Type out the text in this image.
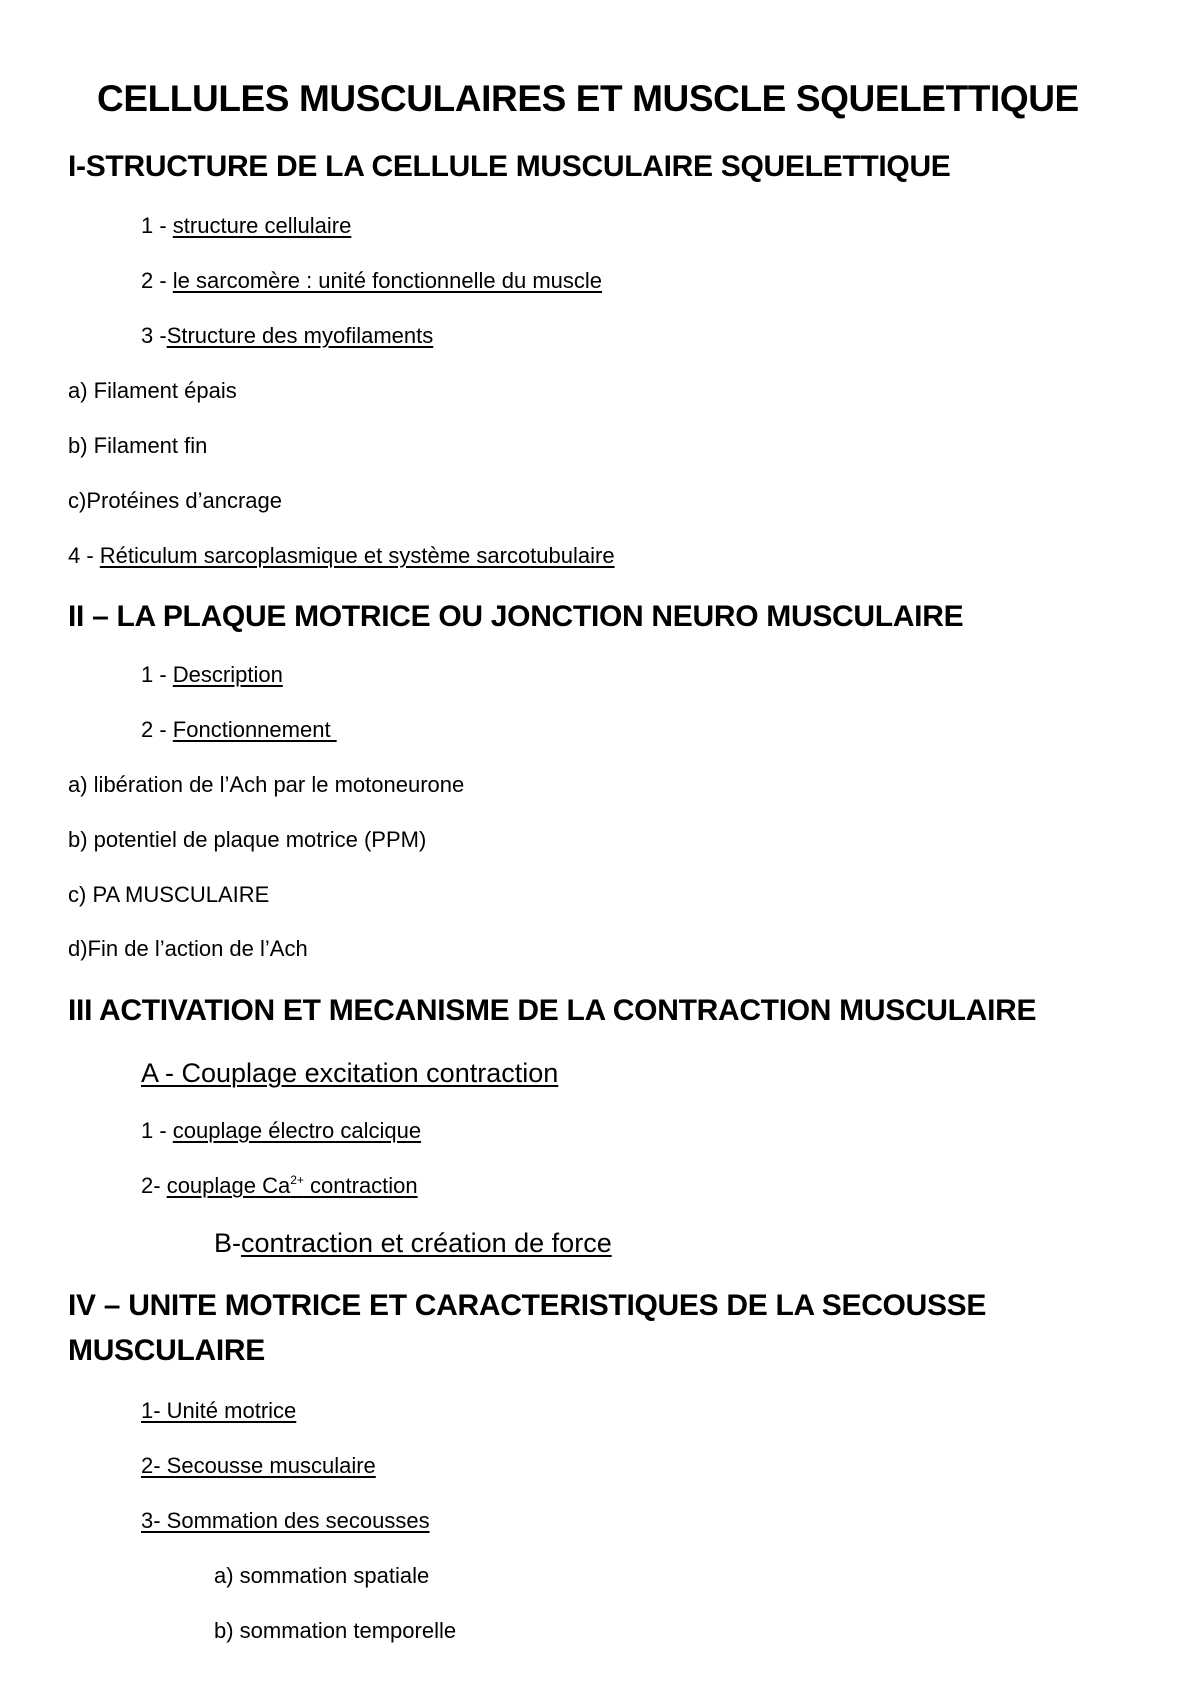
CELLULES MUSCULAIRES ET MUSCLE SQUELETTIQUE
I-STRUCTURE DE LA CELLULE MUSCULAIRE SQUELETTIQUE
1 - structure cellulaire
2 - le sarcomère : unité fonctionnelle du muscle
3 -Structure des myofilaments
a) Filament épais
b) Filament fin
c)Protéines d’ancrage
4 - Réticulum sarcoplasmique et système sarcotubulaire
II – LA PLAQUE MOTRICE OU JONCTION NEURO MUSCULAIRE
1 - Description
2 - Fonctionnement
a) libération de l’Ach par le motoneurone
b) potentiel de plaque motrice (PPM)
c) PA MUSCULAIRE
d)Fin de l’action de l’Ach
III ACTIVATION ET MECANISME DE LA CONTRACTION MUSCULAIRE
A - Couplage excitation contraction
1 - couplage électro calcique
2- couplage $Ca^{2+}$ contraction
B-contraction et création de force
IV – UNITE MOTRICE ET CARACTERISTIQUES DE LA SECOUSSE
MUSCULAIRE
1- Unité motrice
2- Secousse musculaire
3- Sommation des secousses
a) sommation spatiale
b) sommation temporelle
